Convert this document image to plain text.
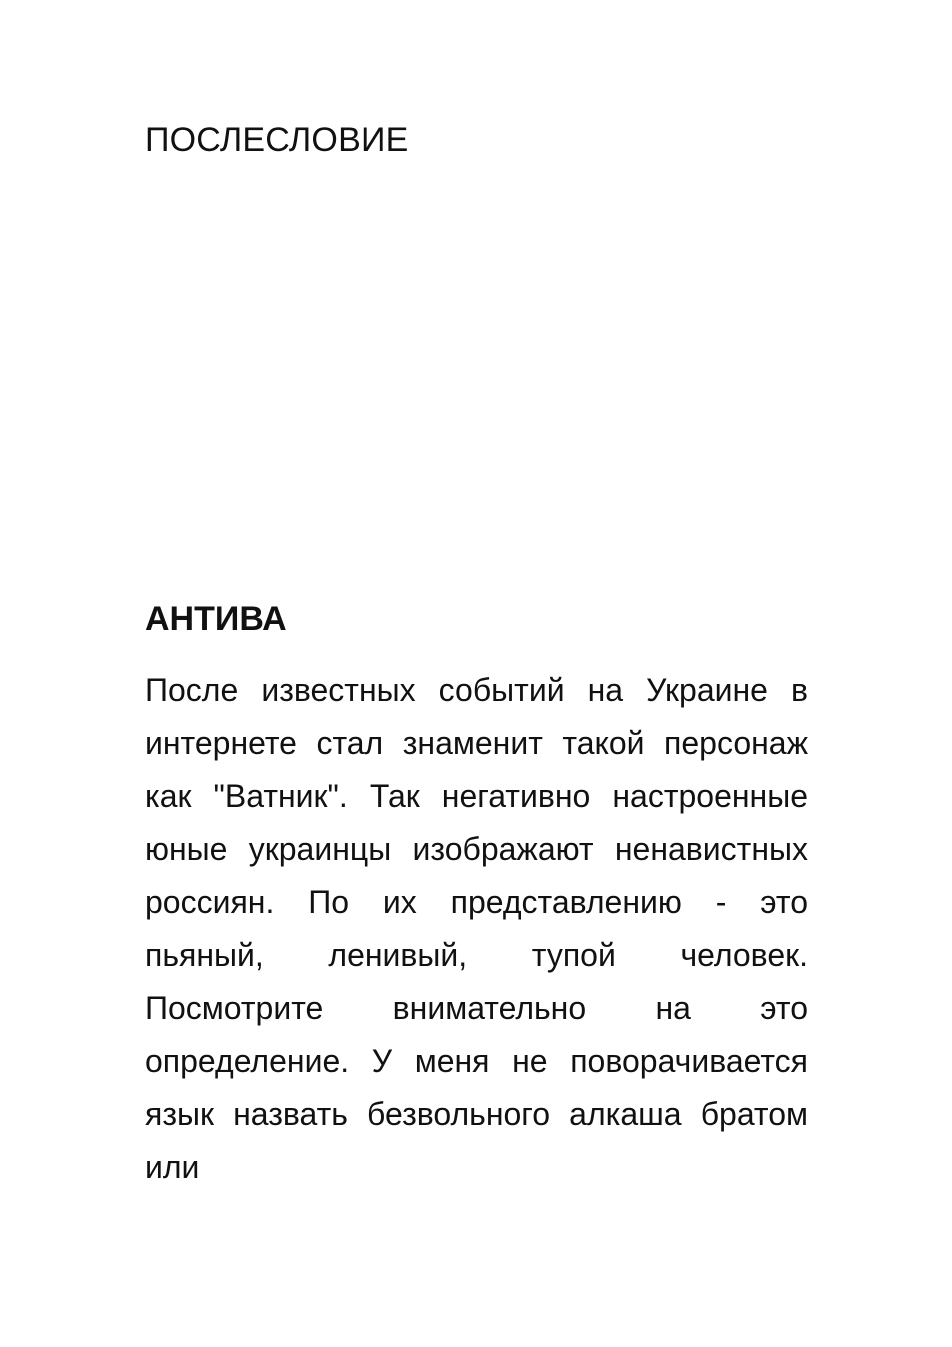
ПОСЛЕСЛОВИЕ
АНТИВА

После известных событий на Украине в интернете стал знаменит такой персонаж как "Ватник". Так негативно настроенные юные украинцы изображают ненавистных россиян. По их представлению - это пьяный, ленивый, тупой человек. Посмотрите внимательно на это определение. У меня не поворачивается язык назвать безвольного алкаша братом или
